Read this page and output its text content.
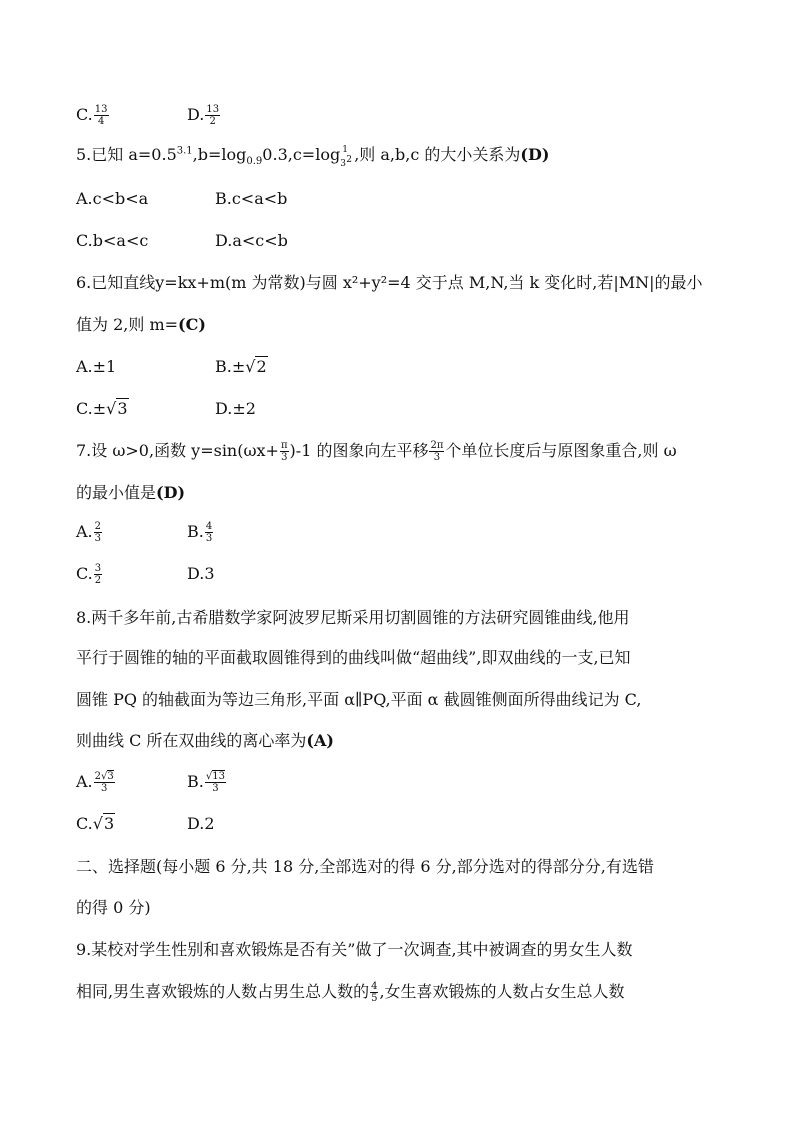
C. $\frac{13}{4}$	D. $\frac{13}{2}$
5.已知 $a=0.5^{3.1},b=\log_{0.9}0.3,c=\log$ 1
3 2 ,则 a,b,c 的大小关系为(D)
A.c<b<a	B.c<a<b
C.b<a<c	D.a<c<b
6.已知直线y=kx+m(m 为常数)与圆 x²+y²=4 交于点 M,N,当 k 变化时,若|MN|的最小
值为 2,则 m=(C)
A.±1	B.±√2
C.±√3	D.±2
7.设 ω>0,函数 $y=\sin(\omega x+ \frac{\pi}{3} )-1$ 的图象向左平移 $\frac{2\pi}{3}$ 个单位长度后与原图象重合,则 ω
的最小值是(D)
A. $\frac{2}{3}$	B. $\frac{4}{3}$
C. $\frac{3}{2}$	D.3
8.两千多年前,古希腊数学家阿波罗尼斯采用切割圆锥的方法研究圆锥曲线,他用
平行于圆锥的轴的平面截取圆锥得到的曲线叫做“超曲线”,即双曲线的一支,已知
圆锥 PQ 的轴截面为等边三角形,平面 α∥PQ,平面 α 截圆锥侧面所得曲线记为 C,
则曲线 C 所在双曲线的离心率为(A)
A. $\frac{2√3}{3}$	B. $\frac{√13}{3}$
C.√3	D.2
二、选择题(每小题 6 分,共 18 分,全部选对的得 6 分,部分选对的得部分分,有选错
的得 0 分)
9.某校对学生性别和喜欢锻炼是否有关”做了一次调查,其中被调查的男女生人数
相同,男生喜欢锻炼的人数占男生总人数的 $\frac{4}{5}$ ,女生喜欢锻炼的人数占女生总人数
